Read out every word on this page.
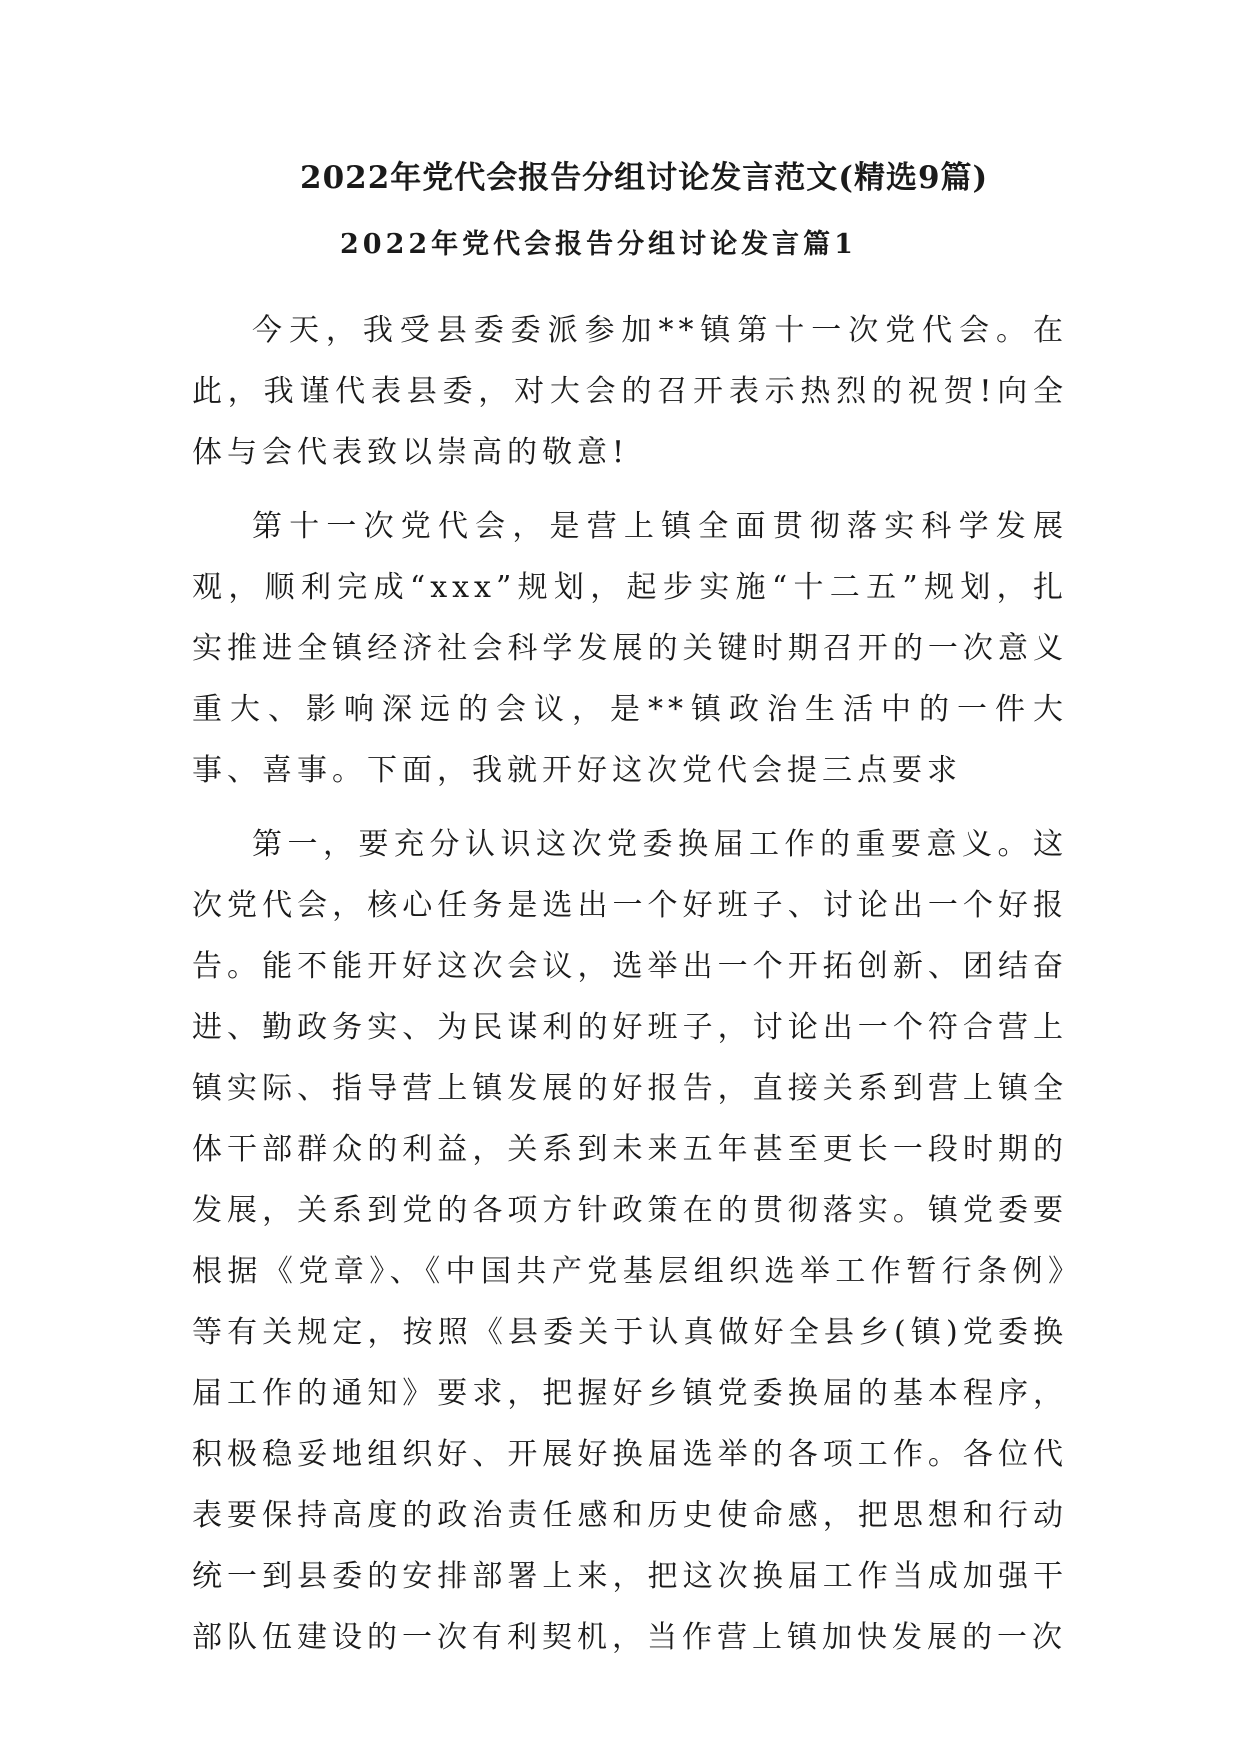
2022年党代会报告分组讨论发言范文(精选9篇)
2022年党代会报告分组讨论发言篇1

今天，我受县委委派参加**镇第十一次党代会。在此，我谨代表县委，对大会的召开表示热烈的祝贺!向全体与会代表致以崇高的敬意!

第十一次党代会，是营上镇全面贯彻落实科学发展观，顺利完成“xxx”规划，起步实施“十二五”规划，扎实推进全镇经济社会科学发展的关键时期召开的一次意义重大、影响深远的会议，是**镇政治生活中的一件大事、喜事。下面，我就开好这次党代会提三点要求

第一，要充分认识这次党委换届工作的重要意义。这次党代会，核心任务是选出一个好班子、讨论出一个好报告。能不能开好这次会议，选举出一个开拓创新、团结奋进、勤政务实、为民谋利的好班子，讨论出一个符合营上镇实际、指导营上镇发展的好报告，直接关系到营上镇全体干部群众的利益，关系到未来五年甚至更长一段时期的发展，关系到党的各项方针政策在的贯彻落实。镇党委要根据《党章》、《中国共产党基层组织选举工作暂行条例》等有关规定，按照《县委关于认真做好全县乡(镇)党委换届工作的通知》要求，把握好乡镇党委换届的基本程序，积极稳妥地组织好、开展好换届选举的各项工作。各位代表要保持高度的政治责任感和历史使命感，把思想和行动统一到县委的安排部署上来，把这次换届工作当成加强干部队伍建设的一次有利契机，当作营上镇加快发展的一次
